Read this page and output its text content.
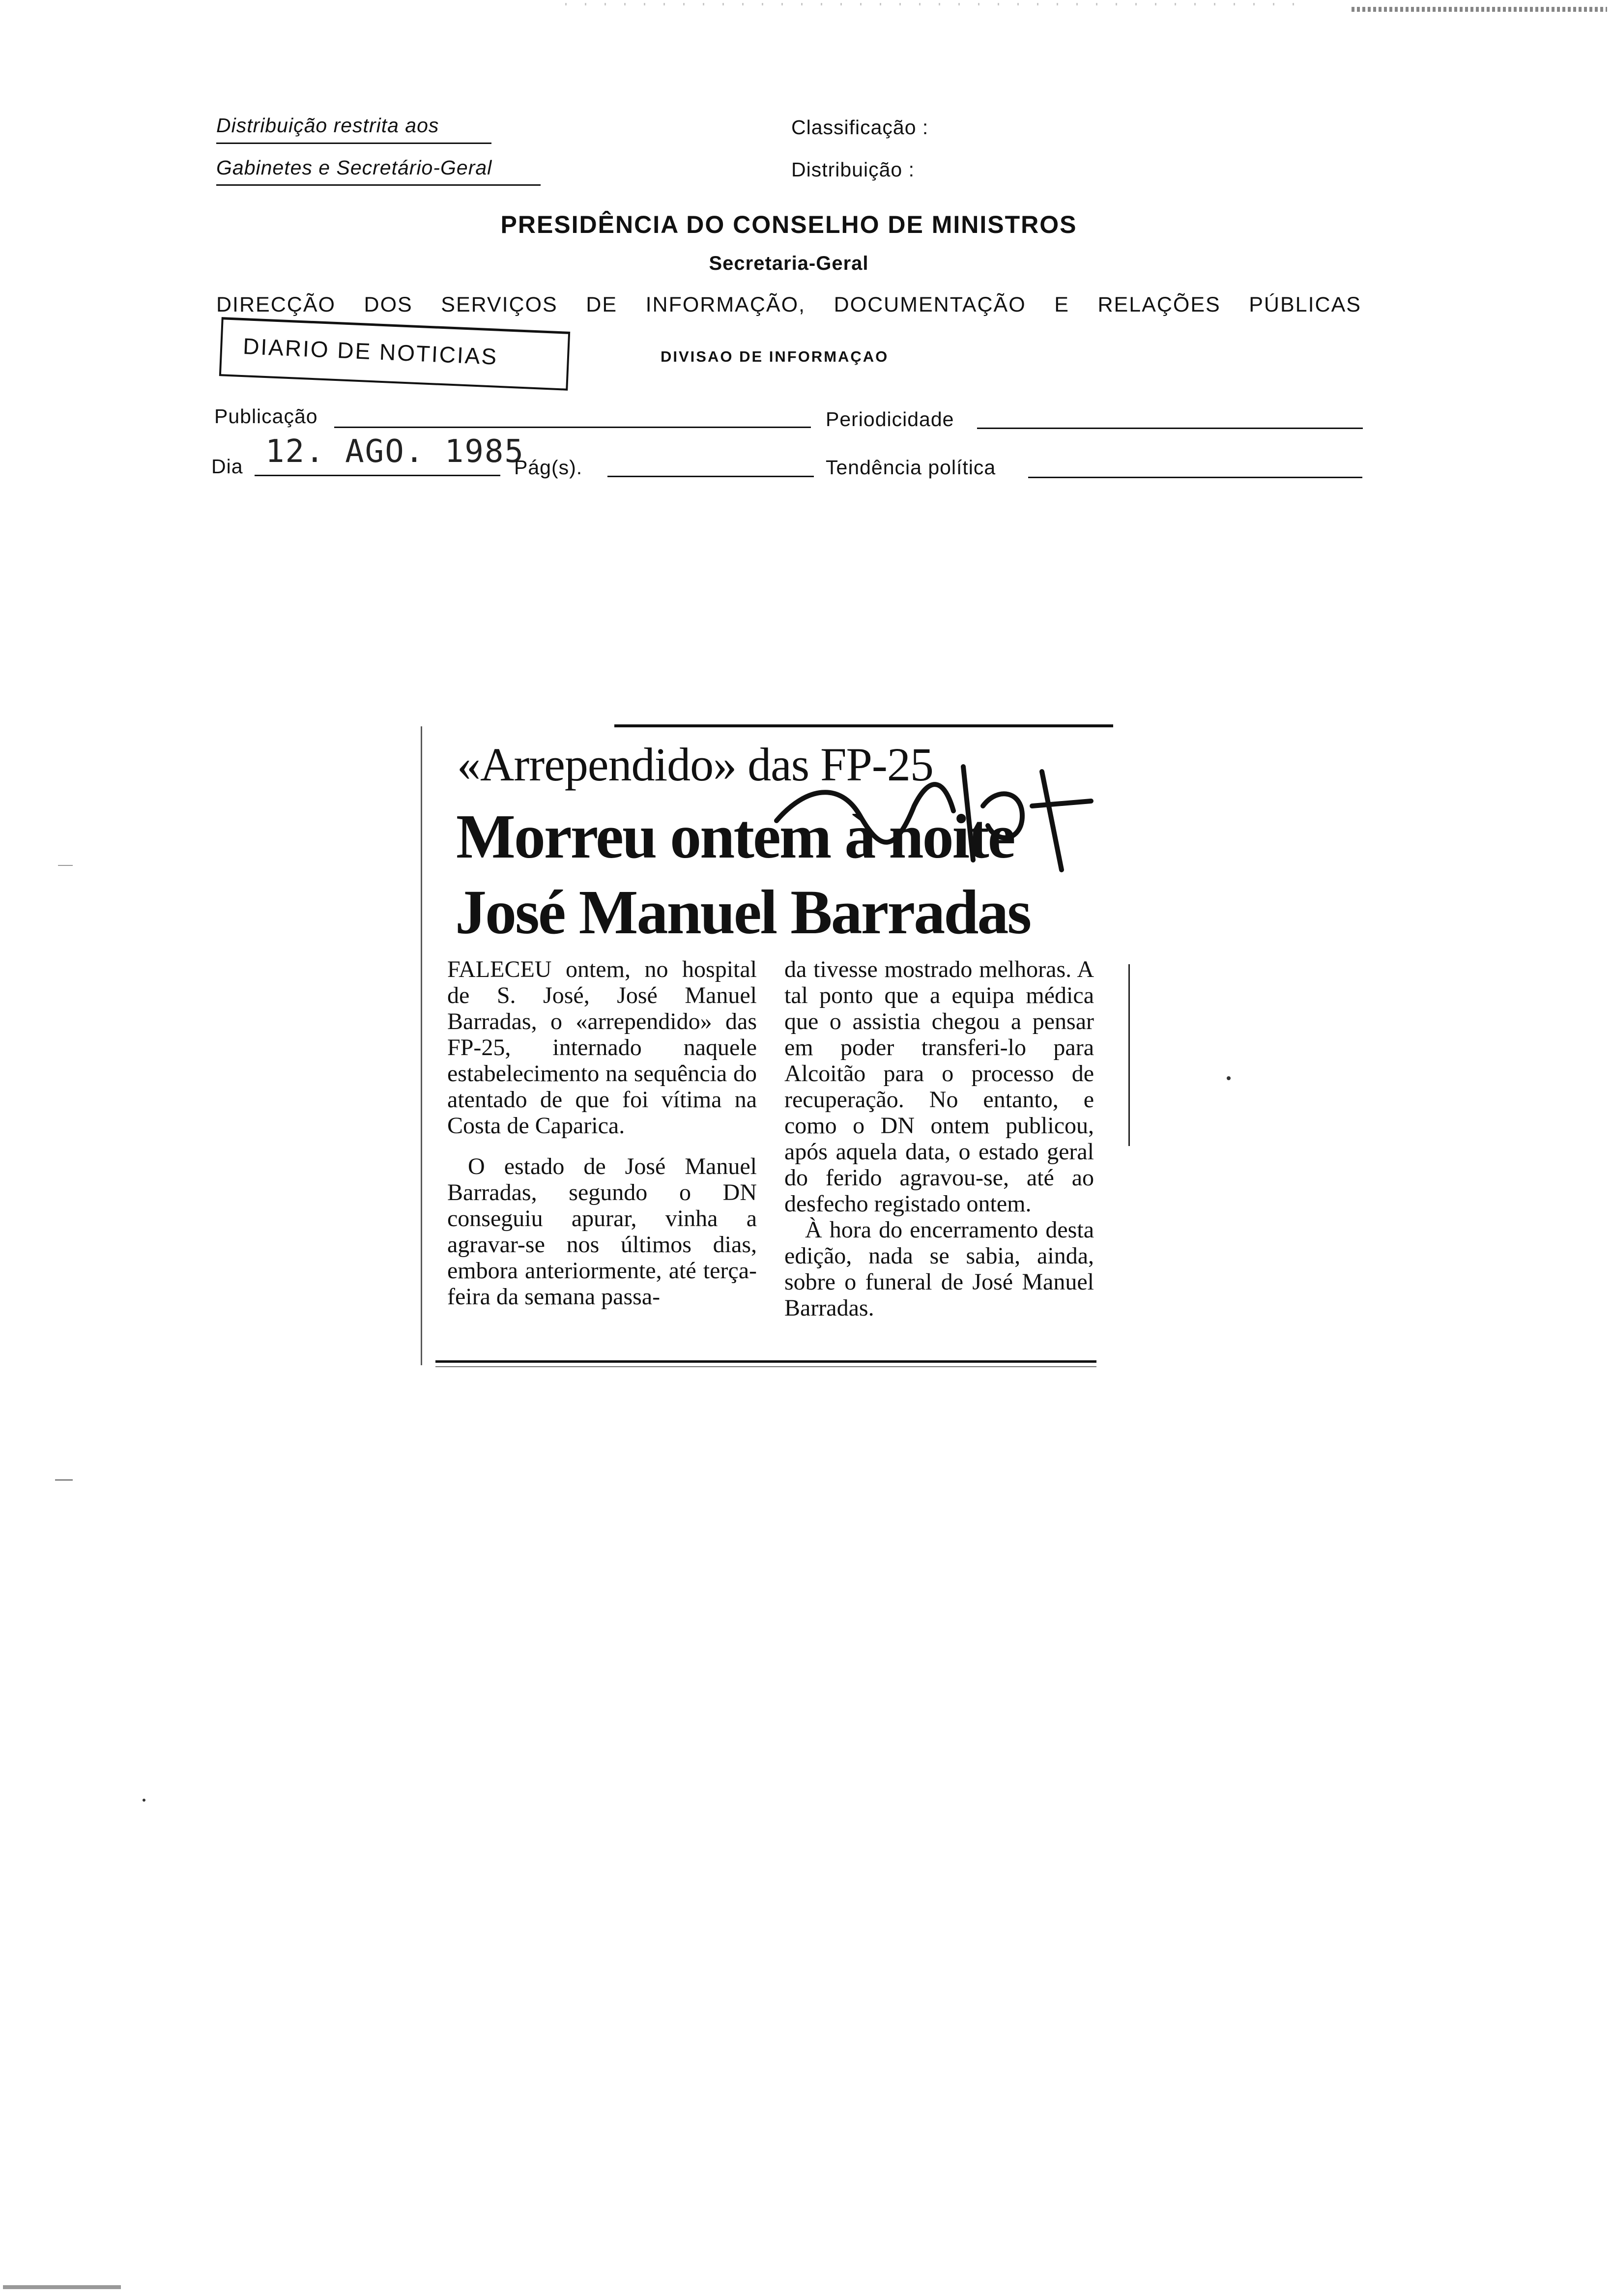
Distribuição restrita aos
Gabinetes e Secretário-Geral
Classificação :
Distribuição :
PRESIDÊNCIA DO CONSELHO DE MINISTROS
Secretaria-Geral
DIRECÇÃO DOS SERVIÇOS DE INFORMAÇÃO, DOCUMENTAÇÃO E RELAÇÕES PÚBLICAS
DIARIO DE NOTICIAS	DIVISAO DE INFORMAÇAO
Publicação	Periodicidade
Dia 12. AGO. 1985
Pág(s).	Tendência política
«Arrependido» das FP-25
Morreu ontem à noite
José Manuel Barradas

FALECEU ontem, no hospital de S. José, José Manuel Barradas, o «arrependido» das FP-25, internado naquele estabelecimento na sequência do atentado de que foi vítima na Costa de Caparica.

O estado de José Manuel Barradas, segundo o DN conseguiu apurar, vinha a agravar-se nos últimos dias, embora anteriormente, até terça-feira da semana passa-

da tivesse mostrado melhoras. A tal ponto que a equipa médica que o assistia chegou a pensar em poder transferi-lo para Alcoitão para o processo de recuperação. No entanto, e como o DN ontem publicou, após aquela data, o estado geral do ferido agravou-se, até ao desfecho registado ontem.

À hora do encerramento desta edição, nada se sabia, ainda, sobre o funeral de José Manuel Barradas.
